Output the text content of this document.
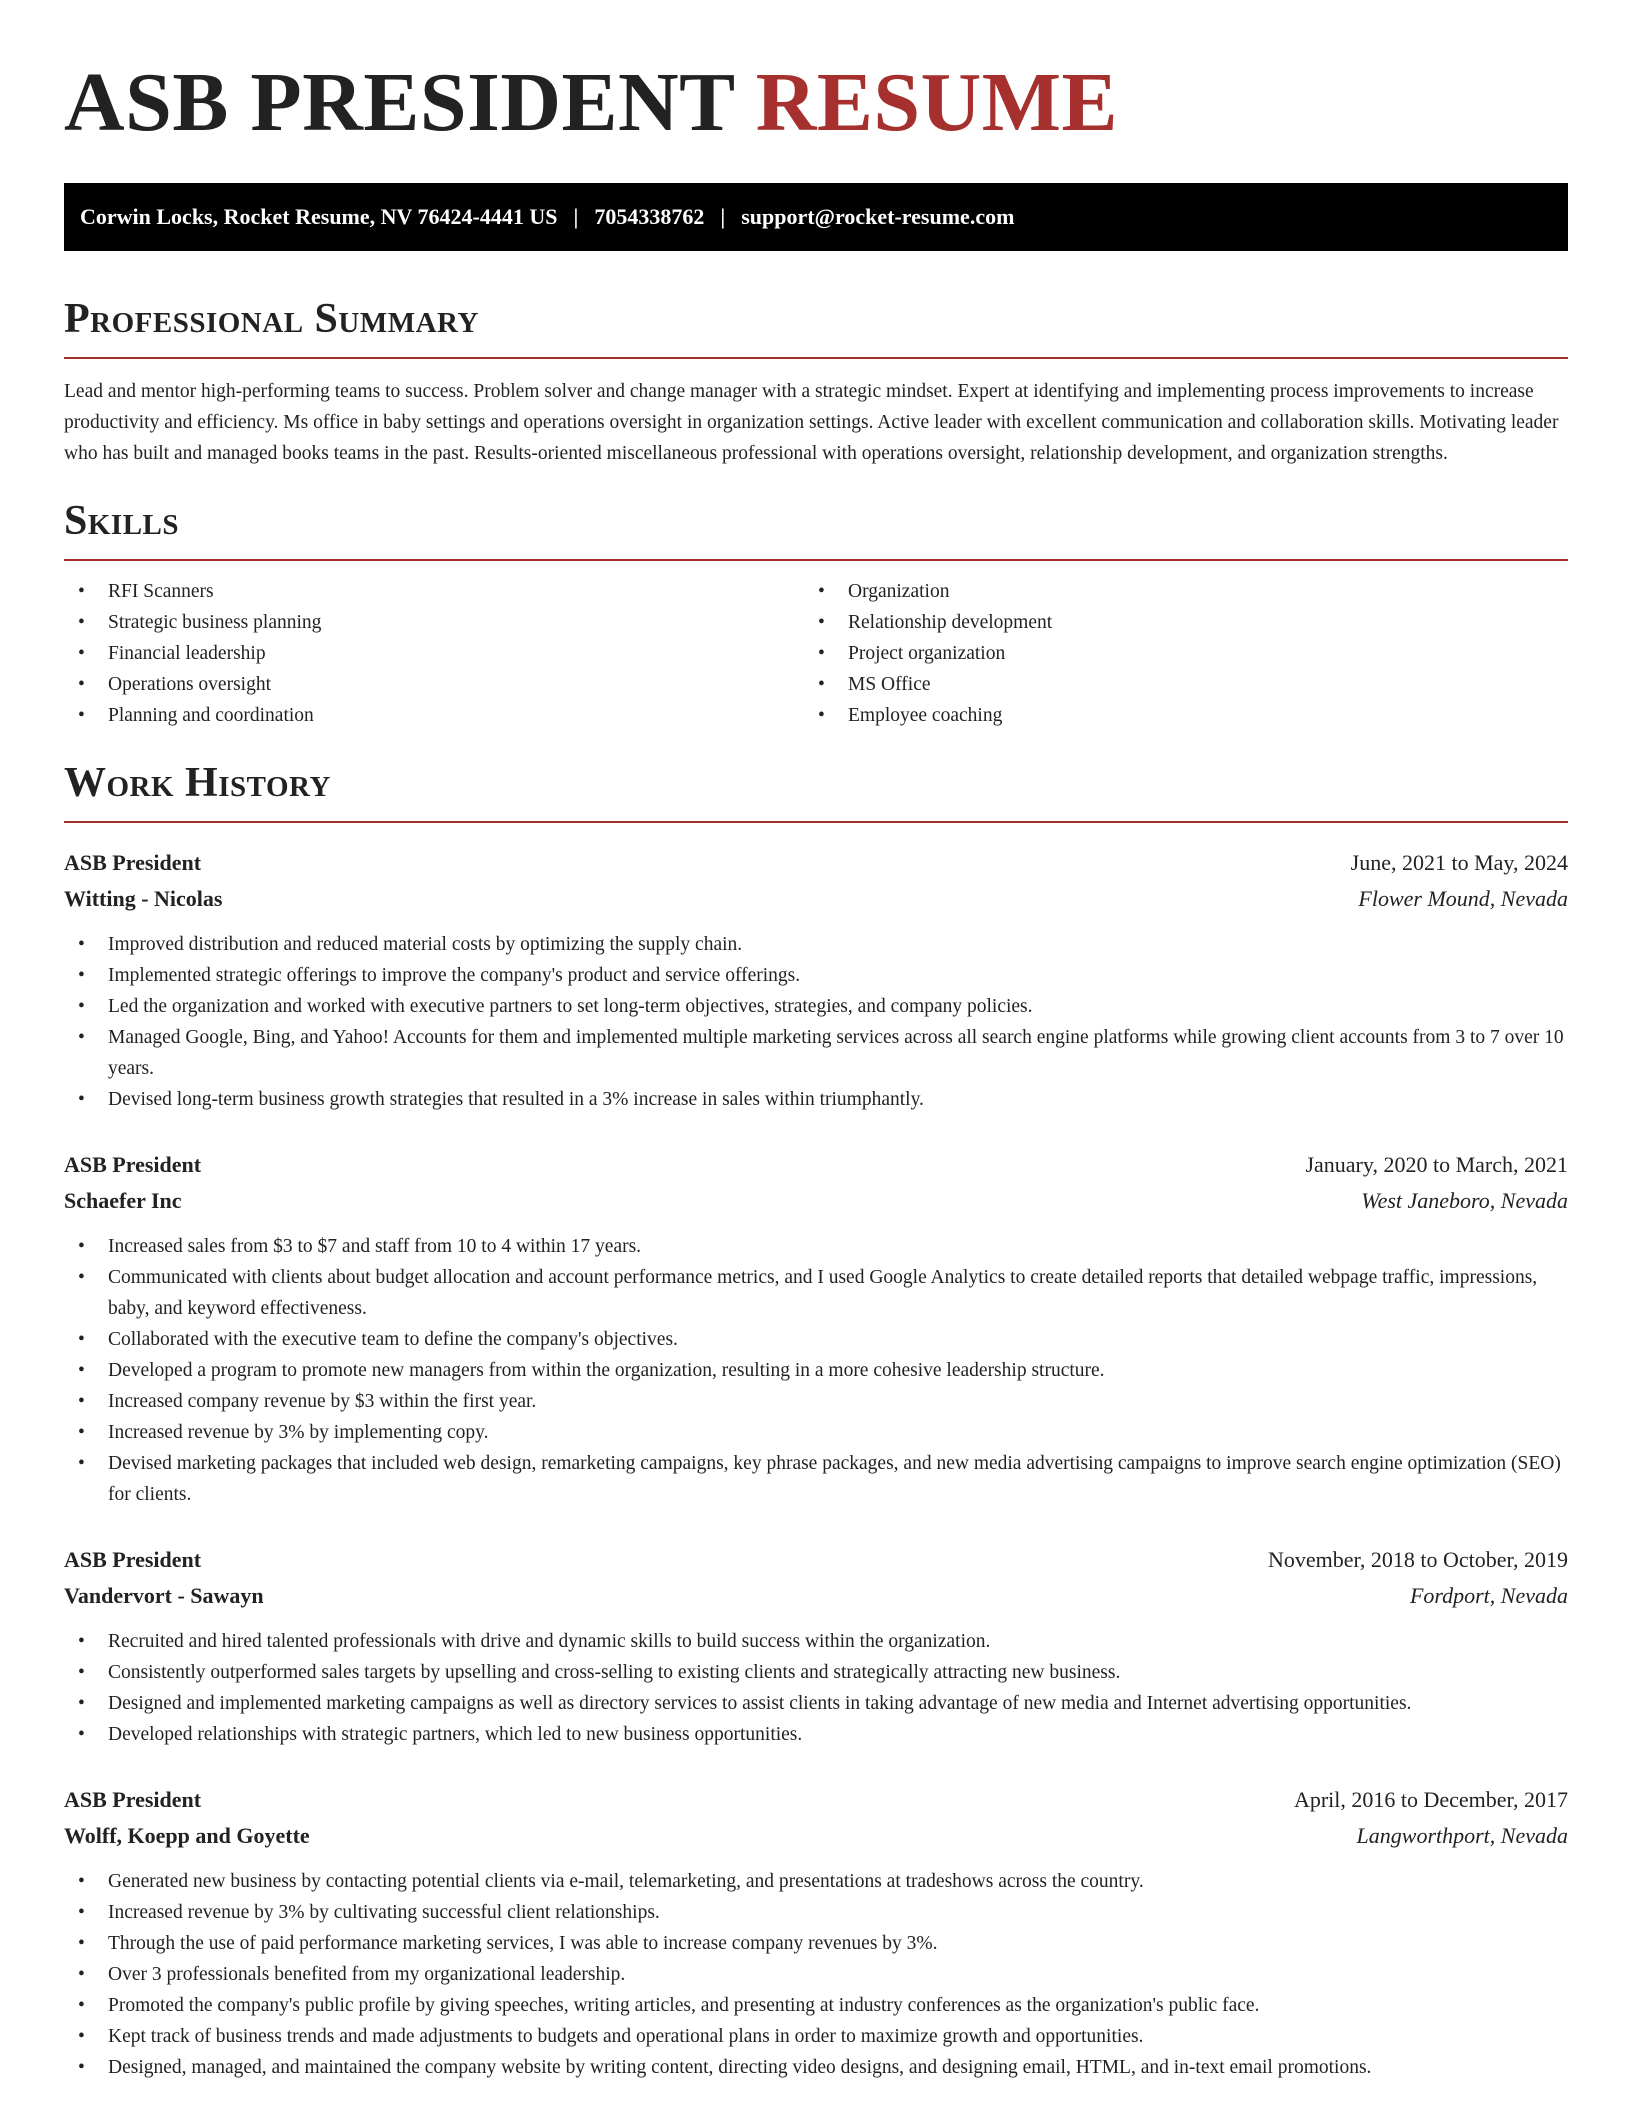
ASB PRESIDENT RESUME
Corwin Locks, Rocket Resume, NV 76424-4441 US | 7054338762 | support@rocket-resume.com
Professional Summary

Lead and mentor high-performing teams to success. Problem solver and change manager with a strategic mindset. Expert at identifying and implementing process improvements to increase productivity and efficiency. Ms office in baby settings and operations oversight in organization settings. Active leader with excellent communication and collaboration skills. Motivating leader who has built and managed books teams in the past. Results-oriented miscellaneous professional with operations oversight, relationship development, and organization strengths.

Skills
• RFI Scanners
• Strategic business planning
• Financial leadership
• Operations oversight
• Planning and coordination
• Organization
• Relationship development
• Project organization
• MS Office
• Employee coaching
Work History
ASB President	June, 2021 to May, 2024
Witting - Nicolas	Flower Mound, Nevada
• Improved distribution and reduced material costs by optimizing the supply chain.
• Implemented strategic offerings to improve the company's product and service offerings.
• Led the organization and worked with executive partners to set long-term objectives, strategies, and company policies.
• Managed Google, Bing, and Yahoo! Accounts for them and implemented multiple marketing services across all search engine platforms while growing client accounts from 3 to 7 over 10 years.
• Devised long-term business growth strategies that resulted in a 3% increase in sales within triumphantly.
ASB President	January, 2020 to March, 2021
Schaefer Inc	West Janeboro, Nevada
• Increased sales from $3 to $7 and staff from 10 to 4 within 17 years.
• Communicated with clients about budget allocation and account performance metrics, and I used Google Analytics to create detailed reports that detailed webpage traffic, impressions, baby, and keyword effectiveness.
• Collaborated with the executive team to define the company's objectives.
• Developed a program to promote new managers from within the organization, resulting in a more cohesive leadership structure.
• Increased company revenue by $3 within the first year.
• Increased revenue by 3% by implementing copy.
• Devised marketing packages that included web design, remarketing campaigns, key phrase packages, and new media advertising campaigns to improve search engine optimization (SEO) for clients.
ASB President	November, 2018 to October, 2019
Vandervort - Sawayn	Fordport, Nevada
• Recruited and hired talented professionals with drive and dynamic skills to build success within the organization.
• Consistently outperformed sales targets by upselling and cross-selling to existing clients and strategically attracting new business.
• Designed and implemented marketing campaigns as well as directory services to assist clients in taking advantage of new media and Internet advertising opportunities.
• Developed relationships with strategic partners, which led to new business opportunities.
ASB President	April, 2016 to December, 2017
Wolff, Koepp and Goyette	Langworthport, Nevada
• Generated new business by contacting potential clients via e-mail, telemarketing, and presentations at tradeshows across the country.
• Increased revenue by 3% by cultivating successful client relationships.
• Through the use of paid performance marketing services, I was able to increase company revenues by 3%.
• Over 3 professionals benefited from my organizational leadership.
• Promoted the company's public profile by giving speeches, writing articles, and presenting at industry conferences as the organization's public face.
• Kept track of business trends and made adjustments to budgets and operational plans in order to maximize growth and opportunities.
• Designed, managed, and maintained the company website by writing content, directing video designs, and designing email, HTML, and in-text email promotions.
